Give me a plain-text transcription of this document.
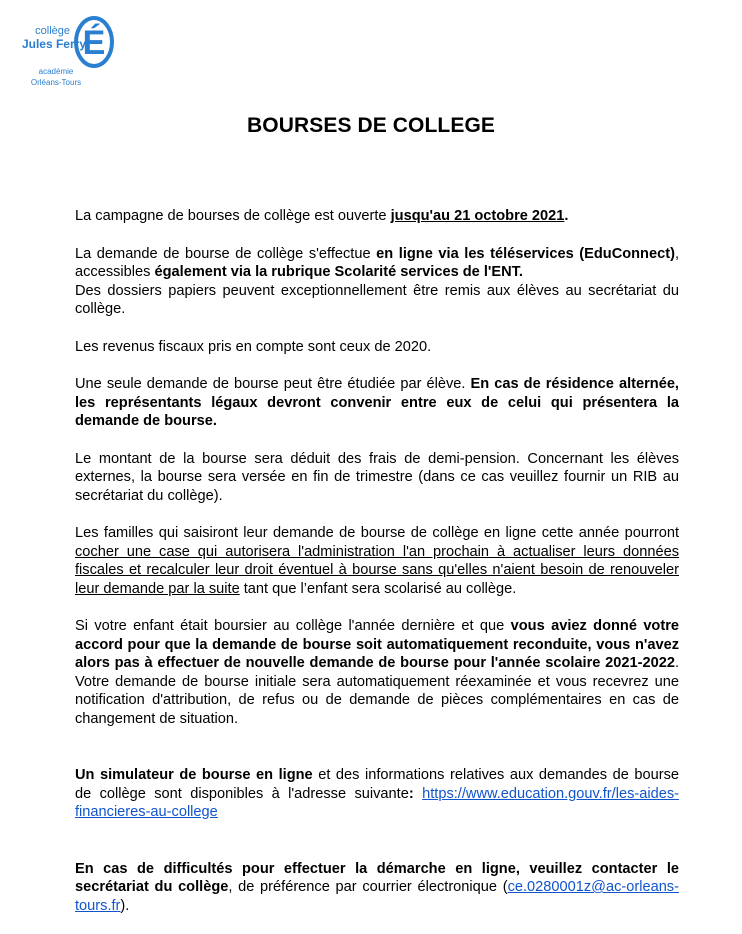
É
collège
Jules Ferry
académie
Orléans-Tours
BOURSES DE COLLEGE

La campagne de bourses de collège est ouverte jusqu'au 21 octobre 2021.

La demande de bourse de collège s'effectue en ligne via les téléservices (EduConnect), accessibles également via la rubrique Scolarité services de l'ENT.
Des dossiers papiers peuvent exceptionnellement être remis aux élèves au secrétariat du collège.

Les revenus fiscaux pris en compte sont ceux de 2020.

Une seule demande de bourse peut être étudiée par élève. En cas de résidence alternée, les représentants légaux devront convenir entre eux de celui qui présentera la demande de bourse.

Le montant de la bourse sera déduit des frais de demi-pension. Concernant les élèves externes, la bourse sera versée en fin de trimestre (dans ce cas veuillez fournir un RIB au secrétariat du collège).

Les familles qui saisiront leur demande de bourse de collège en ligne cette année pourront cocher une case qui autorisera l'administration l'an prochain à actualiser leurs données fiscales et recalculer leur droit éventuel à bourse sans qu'elles n'aient besoin de renouveler leur demande par la suite tant que l’enfant sera scolarisé au collège.

Si votre enfant était boursier au collège l'année dernière et que vous aviez donné votre accord pour que la demande de bourse soit automatiquement reconduite, vous n'avez alors pas à effectuer de nouvelle demande de bourse pour l'année scolaire 2021-2022. Votre demande de bourse initiale sera automatiquement réexaminée et vous recevrez une notification d'attribution, de refus ou de demande de pièces complémentaires en cas de changement de situation.

Un simulateur de bourse en ligne et des informations relatives aux demandes de bourse de collège sont disponibles à l'adresse suivante: https://www.education.gouv.fr/les-aides-financieres-au-college

En cas de difficultés pour effectuer la démarche en ligne, veuillez contacter le secrétariat du collège, de préférence par courrier électronique (ce.0280001z@ac-orleans-tours.fr).
